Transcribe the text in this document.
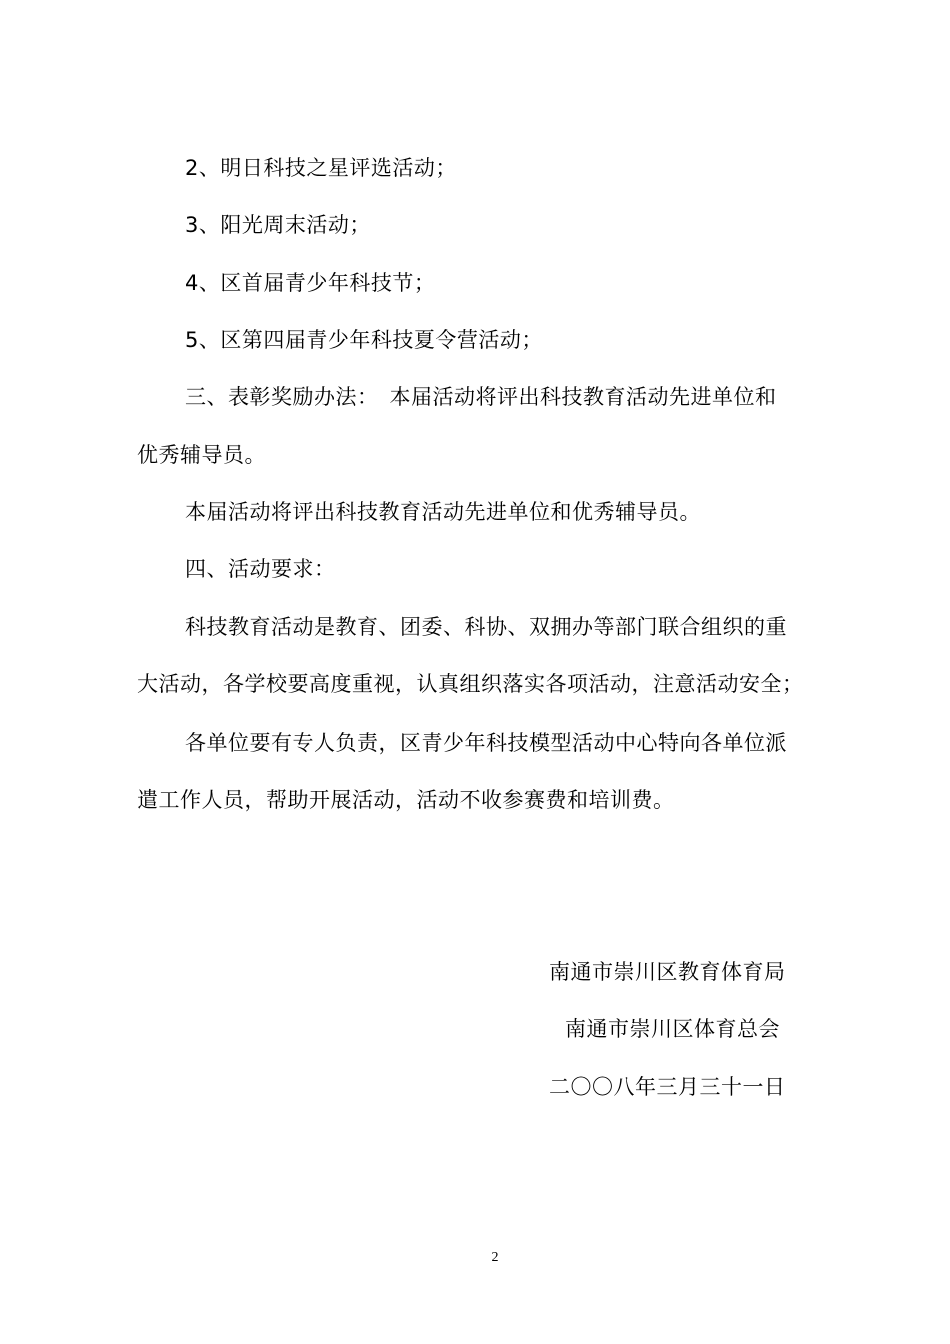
2、明日科技之星评选活动；
3、阳光周末活动；
4、区首届青少年科技节；
5、区第四届青少年科技夏令营活动；
三、表彰奖励办法：　本届活动将评出科技教育活动先进单位和
优秀辅导员。
本届活动将评出科技教育活动先进单位和优秀辅导员。
四、活动要求：
科技教育活动是教育、团委、科协、双拥办等部门联合组织的重
大活动，各学校要高度重视，认真组织落实各项活动，注意活动安全；
各单位要有专人负责，区青少年科技模型活动中心特向各单位派
遣工作人员，帮助开展活动，活动不收参赛费和培训费。
南通市崇川区教育体育局
南通市崇川区体育总会
二〇〇八年三月三十一日
2
